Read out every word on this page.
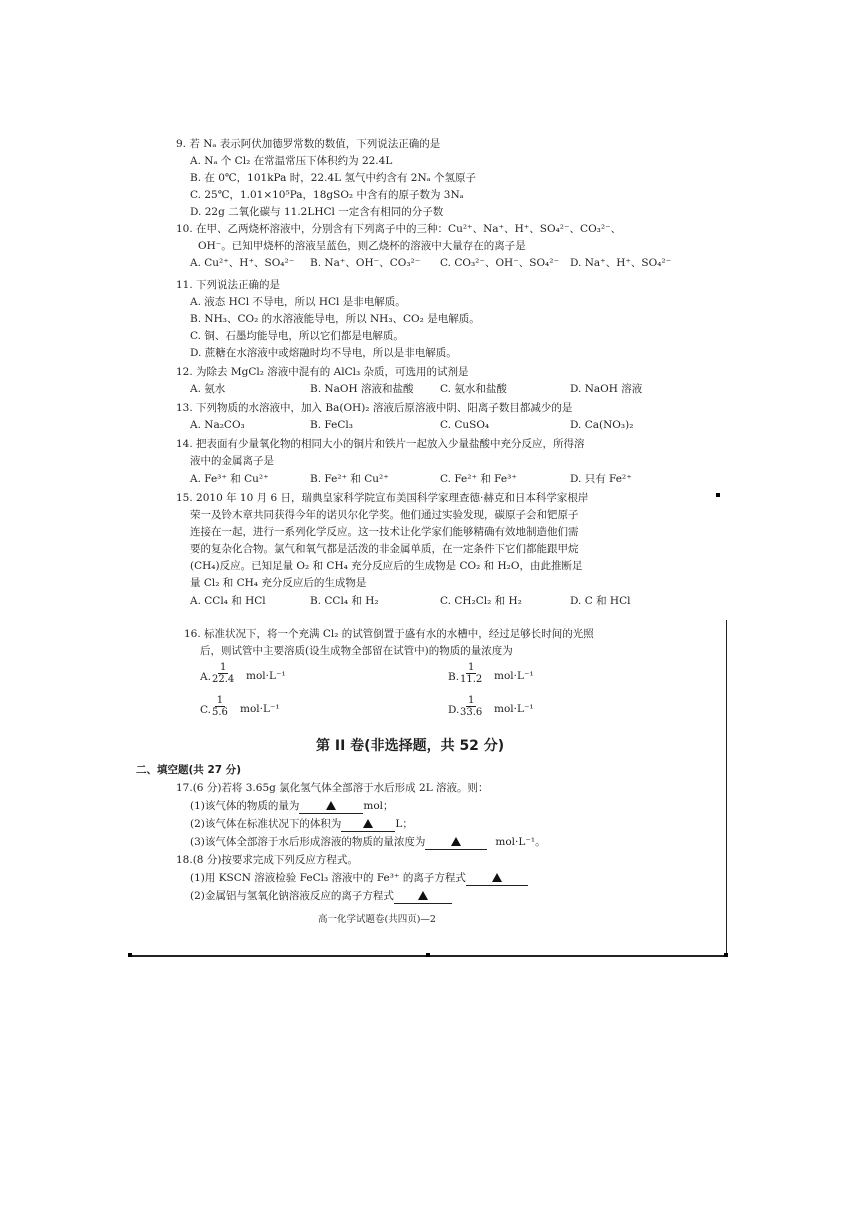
9. 若 Nₐ 表示阿伏加德罗常数的数值，下列说法正确的是
A. Nₐ 个 Cl₂ 在常温常压下体积约为 22.4L
B. 在 0℃，101kPa 时，22.4L 氢气中约含有 2Nₐ 个氢原子
C. 25℃，1.01×10⁵Pa，18gSO₂ 中含有的原子数为 3Nₐ
D. 22g 二氧化碳与 11.2LHCl 一定含有相同的分子数
10. 在甲、乙两烧杯溶液中，分别含有下列离子中的三种：Cu²⁺、Na⁺、H⁺、SO₄²⁻、CO₃²⁻、
OH⁻。已知甲烧杯的溶液呈蓝色，则乙烧杯的溶液中大量存在的离子是
A. Cu²⁺、H⁺、SO₄²⁻ B. Na⁺、OH⁻、CO₃²⁻ C. CO₃²⁻、OH⁻、SO₄²⁻ D. Na⁺、H⁺、SO₄²⁻
11. 下列说法正确的是
A. 液态 HCl 不导电，所以 HCl 是非电解质。
B. NH₃、CO₂ 的水溶液能导电，所以 NH₃、CO₂ 是电解质。
C. 铜、石墨均能导电，所以它们都是电解质。
D. 蔗糖在水溶液中或熔融时均不导电，所以是非电解质。
12. 为除去 MgCl₂ 溶液中混有的 AlCl₃ 杂质，可选用的试剂是
A. 氨水	B. NaOH 溶液和盐酸	C. 氨水和盐酸	D. NaOH 溶液
13. 下列物质的水溶液中，加入 Ba(OH)₂ 溶液后原溶液中阴、阳离子数目都减少的是
A. Na₂CO₃	B. FeCl₃	C. CuSO₄	D. Ca(NO₃)₂
14. 把表面有少量氧化物的相同大小的铜片和铁片一起放入少量盐酸中充分反应，所得溶
液中的金属离子是
A. Fe³⁺ 和 Cu²⁺	B. Fe²⁺ 和 Cu²⁺	C. Fe²⁺ 和 Fe³⁺	D. 只有 Fe²⁺
15. 2010 年 10 月 6 日，瑞典皇家科学院宣布美国科学家理查德·赫克和日本科学家根岸
荣一及铃木章共同获得今年的诺贝尔化学奖。他们通过实验发现，碳原子会和钯原子
连接在一起，进行一系列化学反应。这一技术让化学家们能够精确有效地制造他们需
要的复杂化合物。氯气和氧气都是活泼的非金属单质，在一定条件下它们都能跟甲烷
(CH₄)反应。已知足量 O₂ 和 CH₄ 充分反应后的生成物是 CO₂ 和 H₂O，由此推断足
量 Cl₂ 和 CH₄ 充分反应后的生成物是
A. CCl₄ 和 HCl	B. CCl₄ 和 H₂	C. CH₂Cl₂ 和 H₂	D. C 和 HCl
16. 标准状况下，将一个充满 Cl₂ 的试管倒置于盛有水的水槽中，经过足够长时间的光照
后，则试管中主要溶质(设生成物全部留在试管中)的物质的量浓度为
A. $\frac{1}{22.4} mol\cdot L^{-1}$	B. $\frac{1}{11.2} mol\cdot L^{-1}$
C. $\frac{1}{5.6} mol\cdot L^{-1}$	D. $\frac{1}{33.6} mol\cdot L^{-1}$
第 II 卷(非选择题，共 52 分)
二、填空题(共 27 分)
17.(6 分)若将 3.65g 氯化氢气体全部溶于水后形成 2L 溶液。则：
(1)该气体的物质的量为	mol；
(2)该气体在标准状况下的体积为	L；
(3)该气体全部溶于水后形成溶液的物质的量浓度为	mol·L⁻¹。
18.(8 分)按要求完成下列反应方程式。
(1)用 KSCN 溶液检验 FeCl₃ 溶液中的 Fe³⁺ 的离子方程式
(2)金属铝与氢氧化钠溶液反应的离子方程式
高一化学试题卷(共四页)—2
